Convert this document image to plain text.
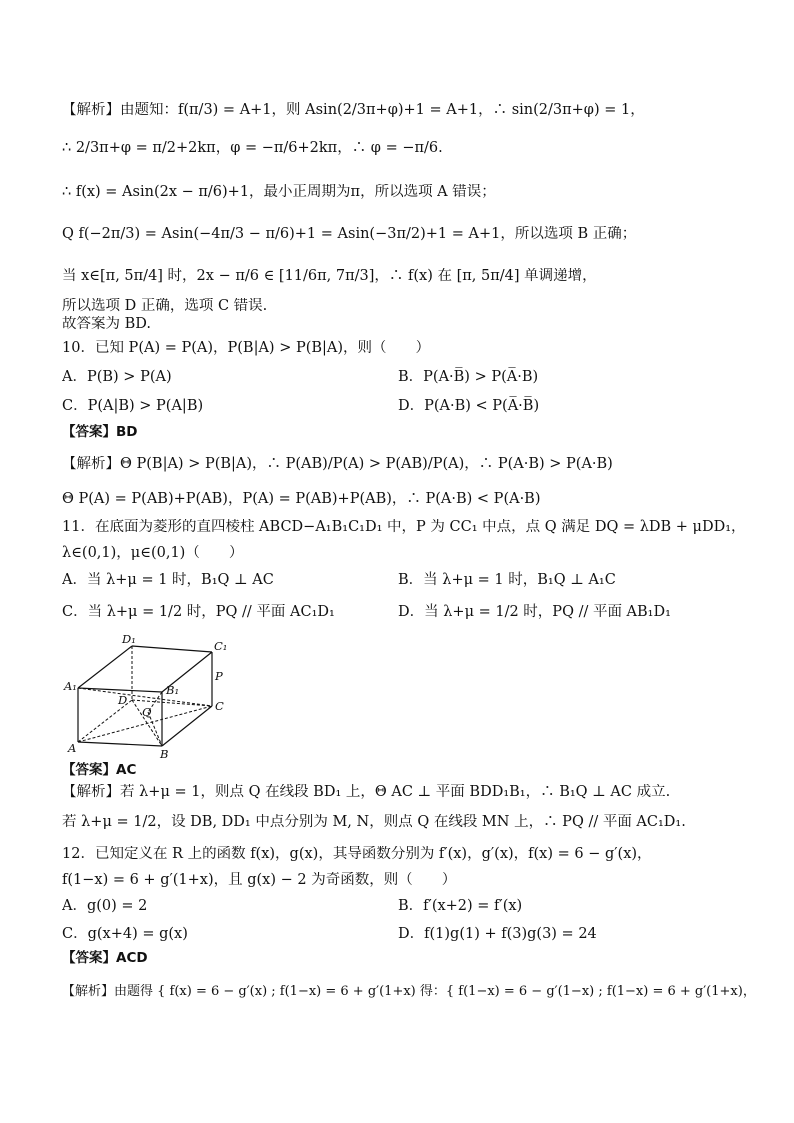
【解析】由题知：f(π/3) = A+1，则 Asin(2/3π+φ)+1 = A+1，∴ sin(2/3π+φ) = 1，
∴ 2/3π+φ = π/2+2kπ，φ = −π/6+2kπ，∴ φ = −π/6.
∴ f(x) = Asin(2x − π/6)+1，最小正周期为π，所以选项 A 错误；
Q f(−2π/3) = Asin(−4π/3 − π/6)+1 = Asin(−3π/2)+1 = A+1，所以选项 B 正确；
当 x∈[π, 5π/4] 时，2x − π/6 ∈ [11/6π, 7π/3]，∴ f(x) 在 [π, 5π/4] 单调递增，
所以选项 D 正确，选项 C 错误.
故答案为 BD.
10．已知 P(A) = P(A̅)，P(B̅|A) > P(B|A̅)，则（　　）
A．P(B) > P(A)	B．P(A·B̅) > P(A̅·B)
C．P(A̅|B) > P(A|B̅)	D．P(A·B) < P(A̅·B̅)
【答案】BD
【解析】Θ P(B̅|A) > P(B|A̅)，∴ P(AB̅)/P(A) > P(A̅B)/P(A̅)，∴ P(A·B̅) > P(A̅·B)
Θ P(A) = P(AB)+P(AB̅)，P(A̅) = P(A̅B)+P(A̅B̅)，∴ P(A·B) < P(A̅·B̅)
11．在底面为菱形的直四棱柱 ABCD−A₁B₁C₁D₁ 中，P 为 CC₁ 中点，点 Q 满足 DQ = λDB + μDD₁，
λ∈(0,1)，μ∈(0,1)（　　）
A．当 λ+μ = 1 时，B₁Q ⊥ AC	B．当 λ+μ = 1 时，B₁Q ⊥ A₁C
C．当 λ+μ = 1/2 时，PQ // 平面 AC₁D₁	D．当 λ+μ = 1/2 时，PQ // 平面 AB₁D₁
D₁	C₁
A₁	B₁
P
D
Q	C
A	B
【答案】AC
【解析】若 λ+μ = 1，则点 Q 在线段 BD₁ 上，Θ AC ⊥ 平面 BDD₁B₁，∴ B₁Q ⊥ AC 成立.
若 λ+μ = 1/2，设 DB, DD₁ 中点分别为 M, N，则点 Q 在线段 MN 上，∴ PQ // 平面 AC₁D₁.
12．已知定义在 R 上的函数 f(x)，g(x)，其导函数分别为 f′(x)，g′(x)，f(x) = 6 − g′(x)，
f(1−x) = 6 + g′(1+x)，且 g(x) − 2 为奇函数，则（　　）
A．g(0) = 2	B．f′(x+2) = f′(x)
C．g(x+4) = g(x)	D．f(1)g(1) + f(3)g(3) = 24
【答案】ACD
【解析】由题得 { f(x) = 6 − g′(x) ; f(1−x) = 6 + g′(1+x) 得：{ f(1−x) = 6 − g′(1−x) ; f(1−x) = 6 + g′(1+x)，
